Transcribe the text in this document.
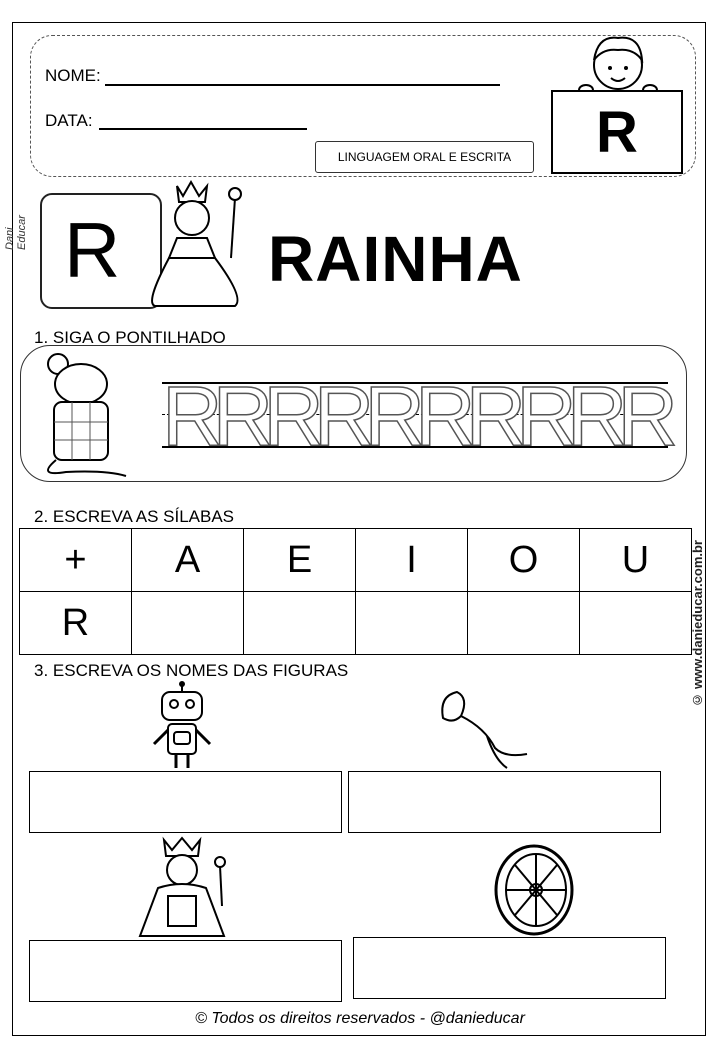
Dani Educar
© www.danieducar.com.br
NOME:
DATA:
LINGUAGEM ORAL E ESCRITA	R
R RAINHA
1. SIGA O PONTILHADO
R
R
R
R
R
R
R
R
R
R
2. ESCREVA AS SÍLABAS
+	A	E	I	O	U
R					
3. ESCREVA OS NOMES DAS FIGURAS
© Todos os direitos reservados - @danieducar
